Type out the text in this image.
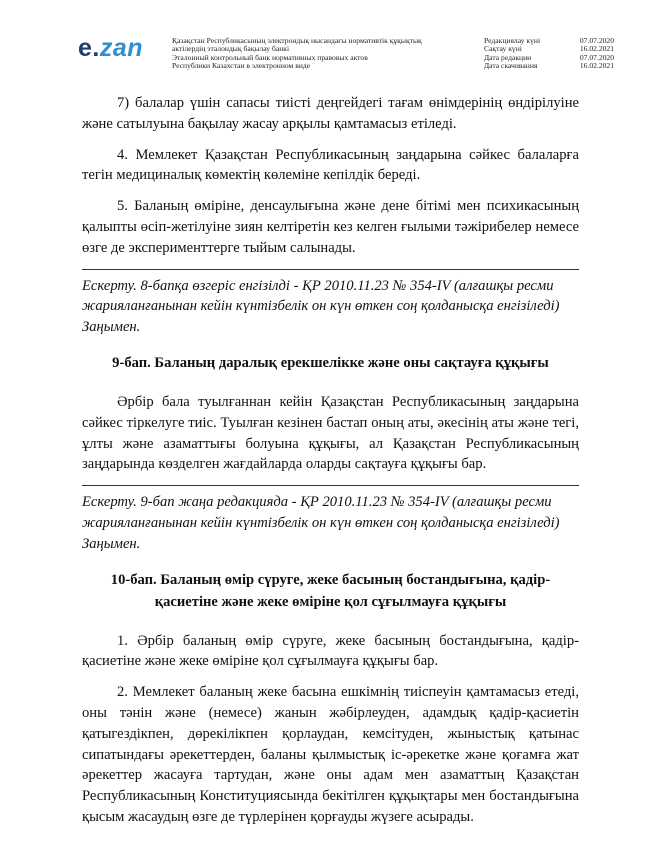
e.zan	Қазақстан Республикасының электрондық нысандағы нормативтік құқықтық
актілердің эталондық бақылау банкі
Эталонный контрольный банк нормативных правовых актов
Республики Казахстан в электронном виде
Редакциялау күні	07.07.2020
Сақтау күні	16.02.2021
Дата редакции	07.07.2020
Дата скачивания	16.02.2021

7) балалар үшін сапасы тиісті деңгейдегі тағам өнімдерінің өндірілуіне және сатылуына бақылау жасау арқылы қамтамасыз етіледі.

4. Мемлекет Қазақстан Республикасының заңдарына сәйкес балаларға тегін медициналық көмектің көлеміне кепілдік береді.

5. Баланың өміріне, денсаулығына және дене бітімі мен психикасының қалыпты өсіп-жетілуіне зиян келтіретін кез келген ғылыми тәжірибелер немесе өзге де эксперименттерге тыйым салынады.

Ескерту. 8-бапқа өзгеріс енгізілді - ҚР 2010.11.23 № 354-IV (алғашқы ресми жарияланғанынан кейін күнтізбелік он күн өткен соң қолданысқа енгізіледі) Заңымен.

9-бап. Баланың даралық ерекшелікке және оны сақтауға құқығы

Әрбір бала туылғаннан кейін Қазақстан Республикасының заңдарына сәйкес тіркелуге тиіс. Туылған кезінен бастап оның аты, әкесінің аты және тегі, ұлты және азаматтығы болуына құқығы, ал Қазақстан Республикасының заңдарында көзделген жағдайларда оларды сақтауға құқығы бар.

Ескерту. 9-бап жаңа редакцияда - ҚР 2010.11.23 № 354-IV (алғашқы ресми жарияланғанынан кейін күнтізбелік он күн өткен соң қолданысқа енгізіледі) Заңымен.

10-бап. Баланың өмір сүруге, жеке басының бостандығына, қадір-қасиетіне және жеке өміріне қол сұғылмауға құқығы

1. Әрбір баланың өмір сүруге, жеке басының бостандығына, қадір-қасиетіне және жеке өміріне қол сұғылмауға құқығы бар.

2. Мемлекет баланың жеке басына ешкімнің тиіспеуін қамтамасыз етеді, оны тәнін және (немесе) жанын жәбірлеуден, адамдық қадір-қасиетін қатыгездікпен, дөрекілікпен қорлаудан, кемсітуден, жыныстық қатынас сипатындағы әрекеттерден, баланы қылмыстық іс-әрекетке және қоғамға жат әрекеттер жасауға тартудан, және оны адам мен азаматтың Қазақстан Республикасының Конституциясында бекітілген құқықтары мен бостандығына қысым жасаудың өзге де түрлерінен қорғауды жүзеге асырады.
